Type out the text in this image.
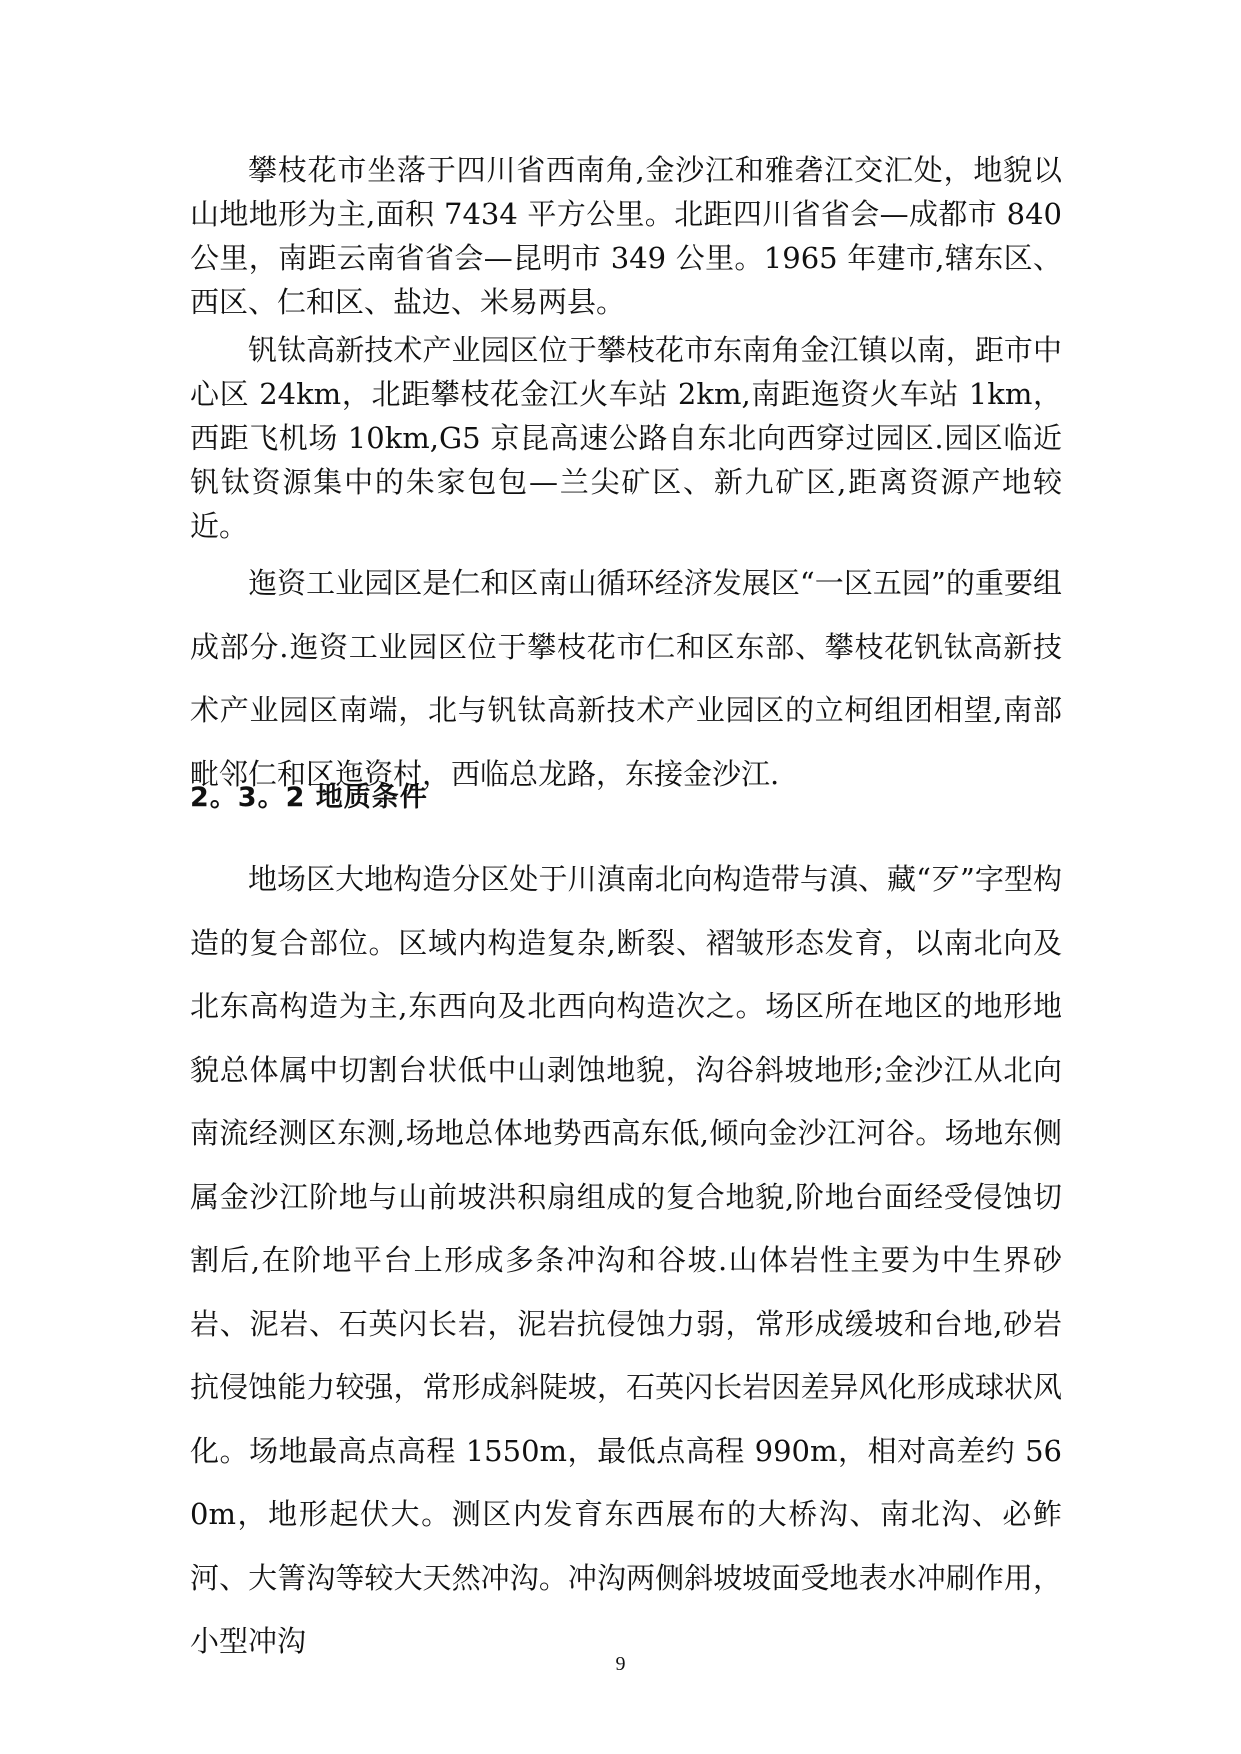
攀枝花市坐落于四川省西南角,金沙江和雅砻江交汇处，地貌以山地地形为主,面积 7434 平方公里。北距四川省省会—成都市 840 公里，南距云南省省会—昆明市 349 公里。1965 年建市,辖东区、西区、仁和区、盐边、米易两县。

钒钛高新技术产业园区位于攀枝花市东南角金江镇以南，距市中心区 24km，北距攀枝花金江火车站 2km,南距迤资火车站 1km，西距飞机场 10km,G5 京昆高速公路自东北向西穿过园区.园区临近钒钛资源集中的朱家包包—兰尖矿区、新九矿区,距离资源产地较近。

迤资工业园区是仁和区南山循环经济发展区“一区五园”的重要组成部分.迤资工业园区位于攀枝花市仁和区东部、攀枝花钒钛高新技术产业园区南端，北与钒钛高新技术产业园区的立柯组团相望,南部毗邻仁和区迤资村，西临总龙路，东接金沙江.

2。3。2 地质条件

地场区大地构造分区处于川滇南北向构造带与滇、藏“歹”字型构造的复合部位。区域内构造复杂,断裂、褶皱形态发育，以南北向及北东高构造为主,东西向及北西向构造次之。场区所在地区的地形地貌总体属中切割台状低中山剥蚀地貌，沟谷斜坡地形;金沙江从北向南流经测区东测,场地总体地势西高东低,倾向金沙江河谷。场地东侧属金沙江阶地与山前坡洪积扇组成的复合地貌,阶地台面经受侵蚀切割后,在阶地平台上形成多条冲沟和谷坡.山体岩性主要为中生界砂岩、泥岩、石英闪长岩，泥岩抗侵蚀力弱，常形成缓坡和台地,砂岩抗侵蚀能力较强，常形成斜陡坡，石英闪长岩因差异风化形成球状风化。场地最高点高程 1550m，最低点高程 990m，相对高差约 560m，地形起伏大。测区内发育东西展布的大桥沟、南北沟、必鲊河、大箐沟等较大天然冲沟。冲沟两侧斜坡坡面受地表水冲刷作用，小型冲沟

9
